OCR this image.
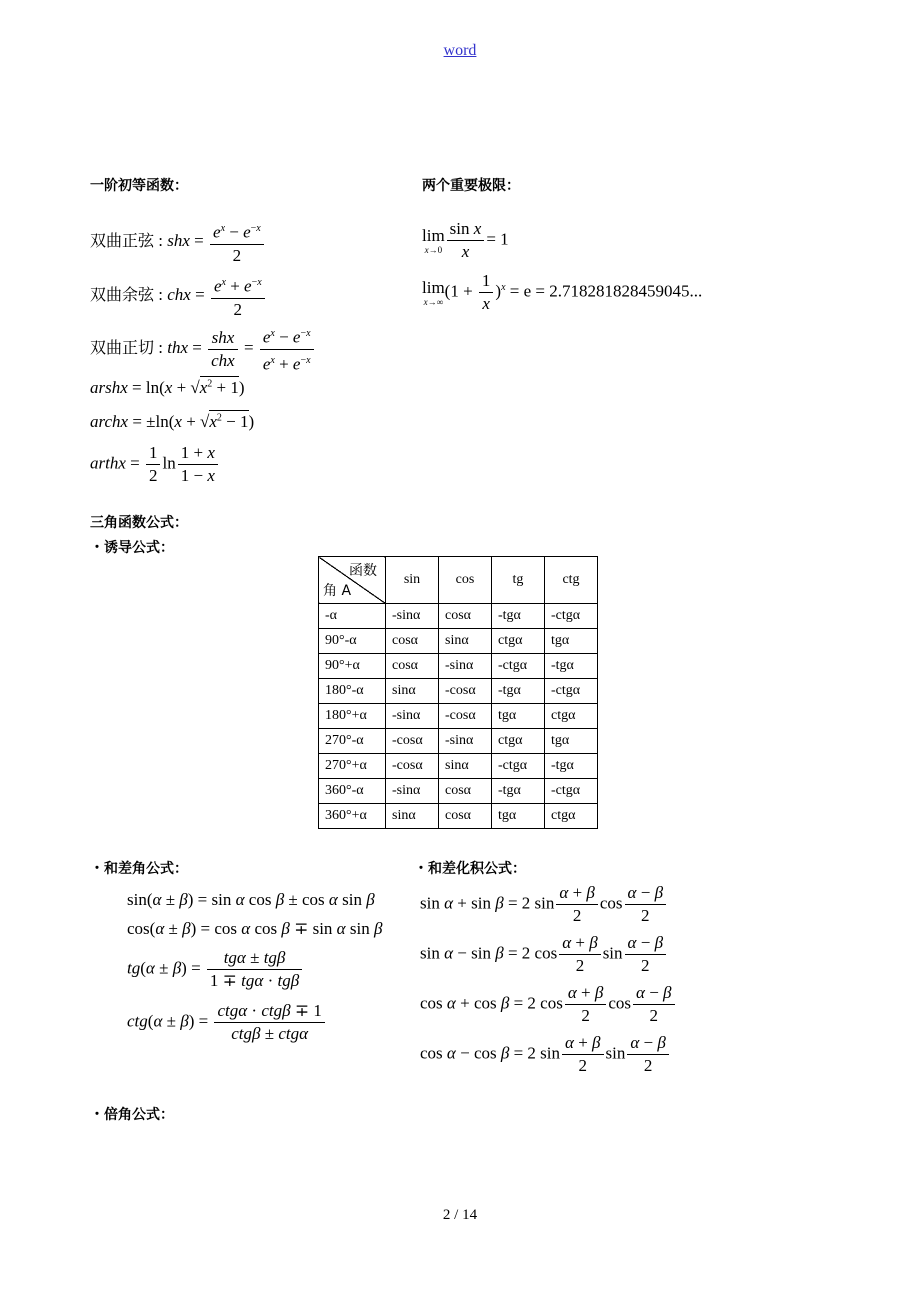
word
一阶初等函数：	两个重要极限：
双曲正弦 : shx = $\frac{e^x - e^{-x}}{2}$
双曲余弦 : chx = $\frac{e^x + e^{-x}}{2}$
双曲正切 : thx = $\frac{\text{shx}}{\text{chx}} = \frac{e^x - e^{-x}}{e^x + e^{-x}}$
arshx = $\ln(x + √x^2 + 1)$
archx = $\pm\ln(x + √x^2 - 1)$
arthx = $\frac{1}{2}$ $\ln \frac{1 + x}{1 - x}$
lim
$x\to 0 \frac{\text{sin x}}{x} = 1$
lim
x→∞
$(1 + \frac{1}{x} )^x = e = 2.718281828459045$...
三角函数公式：
・诱导公式：
函数
角 A	sin	cos	tg	ctg
-α	-sinα	cosα	-tgα	-ctgα
90°-α	cosα	sinα	ctgα	tgα
90°+α	cosα	-sinα	-ctgα	-tgα
180°-α	sinα	-cosα	-tgα	-ctgα
180°+α	-sinα	-cosα	tgα	ctgα
270°-α	-cosα	-sinα	ctgα	tgα
270°+α	-cosα	sinα	-ctgα	-tgα
360°-α	-sinα	cosα	-tgα	-ctgα
360°+α	sinα	cosα	tgα	ctgα
・和差角公式：	・和差化积公式：
sin(α ± β) = sin α cos β ± cos α sin β
cos(α ± β) = cos α cos β ∓ sin α sin β
$tg(\alpha \pm \beta) = \frac{\text{tgα ± tgβ}}{\text{1 ∓ tgα · tgβ}}$
$ctg(\alpha \pm \beta) = \frac{\text{ctgα · ctgβ ∓ 1}}{\text{ctgβ ± ctgα}}$
sin α + sin β = 2 $\sin \frac{\alpha + \beta}{2}$ $\cos \frac{\alpha - \beta}{2}$
sin α − sin β = 2 $\cos \frac{\alpha + \beta}{2}$ $\sin \frac{\alpha - \beta}{2}$
cos α + cos β = 2 $\cos \frac{\alpha + \beta}{2}$ $\cos \frac{\alpha - \beta}{2}$
cos α − cos β = 2 $\sin \frac{\alpha + \beta}{2}$ $\sin \frac{\alpha - \beta}{2}$
・倍角公式：
2 / 14
